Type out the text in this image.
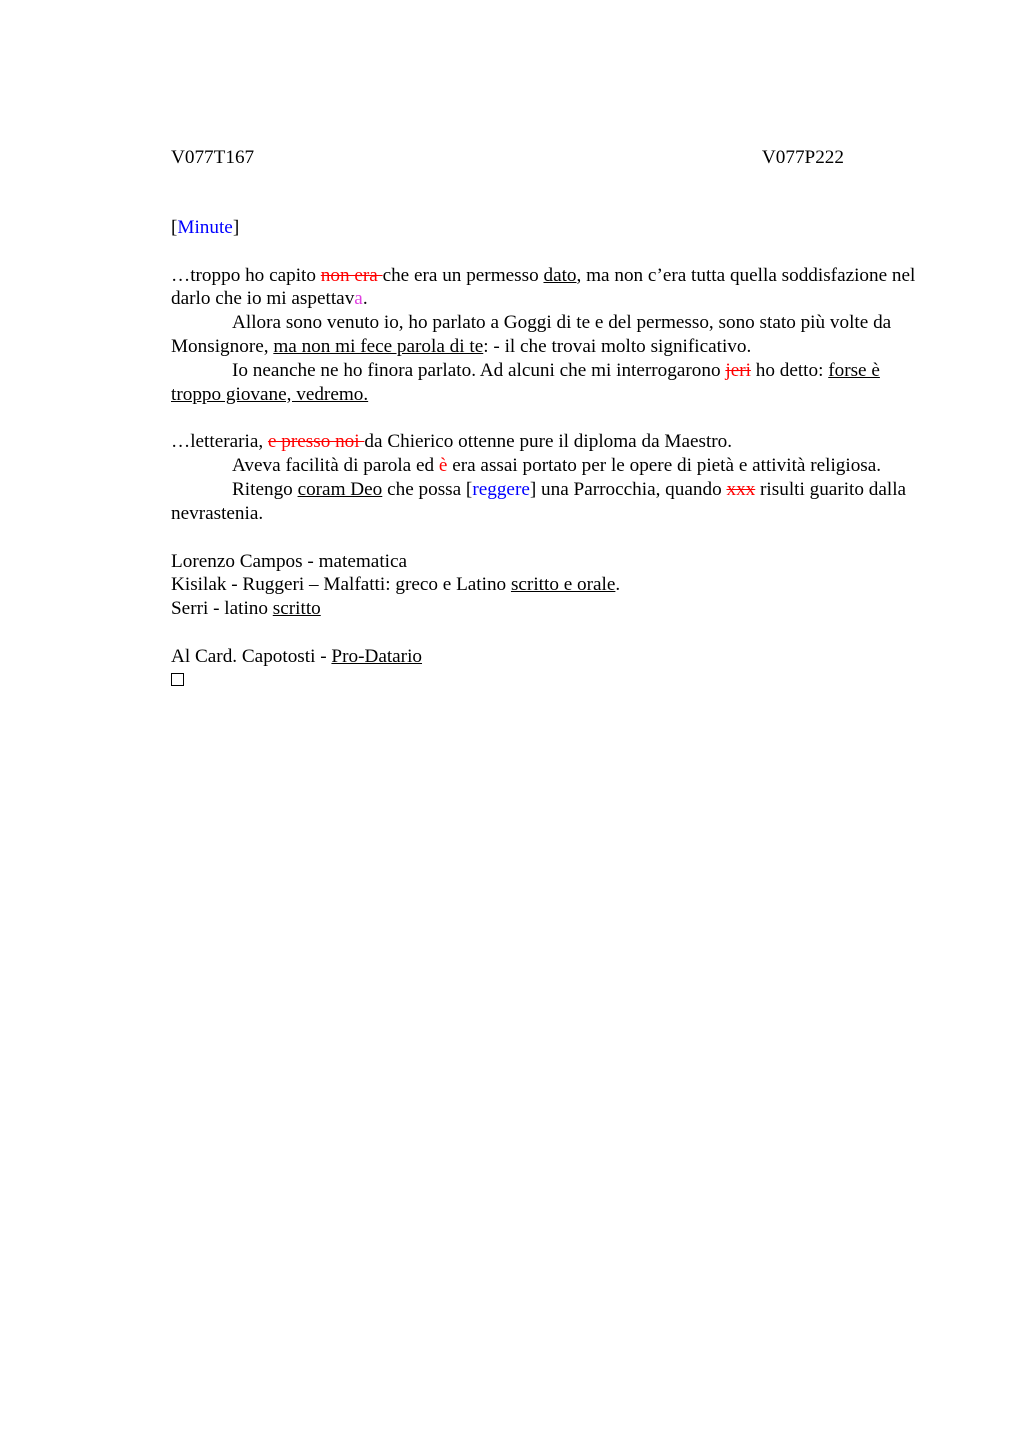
V077T167	V077P222

[Minute]

…troppo ho capito non era che era un permesso dato, ma non c’era tutta quella soddisfazione nel darlo che io mi aspettava.

Allora sono venuto io, ho parlato a Goggi di te e del permesso, sono stato più volte da Monsignore, ma non mi fece parola di te: - il che trovai molto significativo.

Io neanche ne ho finora parlato. Ad alcuni che mi interrogarono jeri ho detto: forse è troppo giovane, vedremo.

…letteraria, e presso noi da Chierico ottenne pure il diploma da Maestro.

Aveva facilità di parola ed è era assai portato per le opere di pietà e attività religiosa.

Ritengo coram Deo che possa [reggere] una Parrocchia, quando xxx risulti guarito dalla nevrastenia.

Lorenzo Campos - matematica

Kisilak - Ruggeri – Malfatti: greco e Latino scritto e orale.

Serri - latino scritto

Al Card. Capotosti - Pro-Datario
